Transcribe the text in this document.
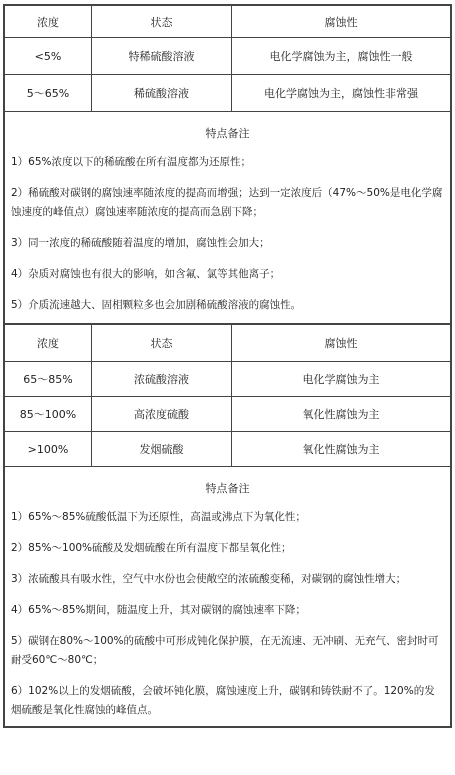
浓度	状态	腐蚀性
<5%	特稀硫酸溶液	电化学腐蚀为主，腐蚀性一般
5～65%	稀硫酸溶液	电化学腐蚀为主，腐蚀性非常强
特点备注
1）65%浓度以下的稀硫酸在所有温度都为还原性；
2）稀硫酸对碳钢的腐蚀速率随浓度的提高而增强；达到一定浓度后（47%～50%是电化学腐蚀速度的峰值点）腐蚀速率随浓度的提高而急剧下降；
3）同一浓度的稀硫酸随着温度的增加，腐蚀性会加大；
4）杂质对腐蚀也有很大的影响，如含氟、氯等其他离子；
5）介质流速越大、固相颗粒多也会加剧稀硫酸溶液的腐蚀性。
浓度	状态	腐蚀性
65～85%	浓硫酸溶液	电化学腐蚀为主
85～100%	高浓度硫酸	氧化性腐蚀为主
>100%	发烟硫酸	氧化性腐蚀为主
特点备注
1）65%～85%硫酸低温下为还原性，高温或沸点下为氧化性；
2）85%～100%硫酸及发烟硫酸在所有温度下都呈氧化性；
3）浓硫酸具有吸水性，空气中水份也会使敞空的浓硫酸变稀，对碳钢的腐蚀性增大；
4）65%～85%期间，随温度上升，其对碳钢的腐蚀速率下降；
5）碳钢在80%～100%的硫酸中可形成钝化保护膜，在无流速、无冲刷、无充气、密封时可耐受60℃～80℃；
6）102%以上的发烟硫酸，会破坏钝化膜，腐蚀速度上升，碳钢和铸铁耐不了。120%的发烟硫酸是氧化性腐蚀的峰值点。
